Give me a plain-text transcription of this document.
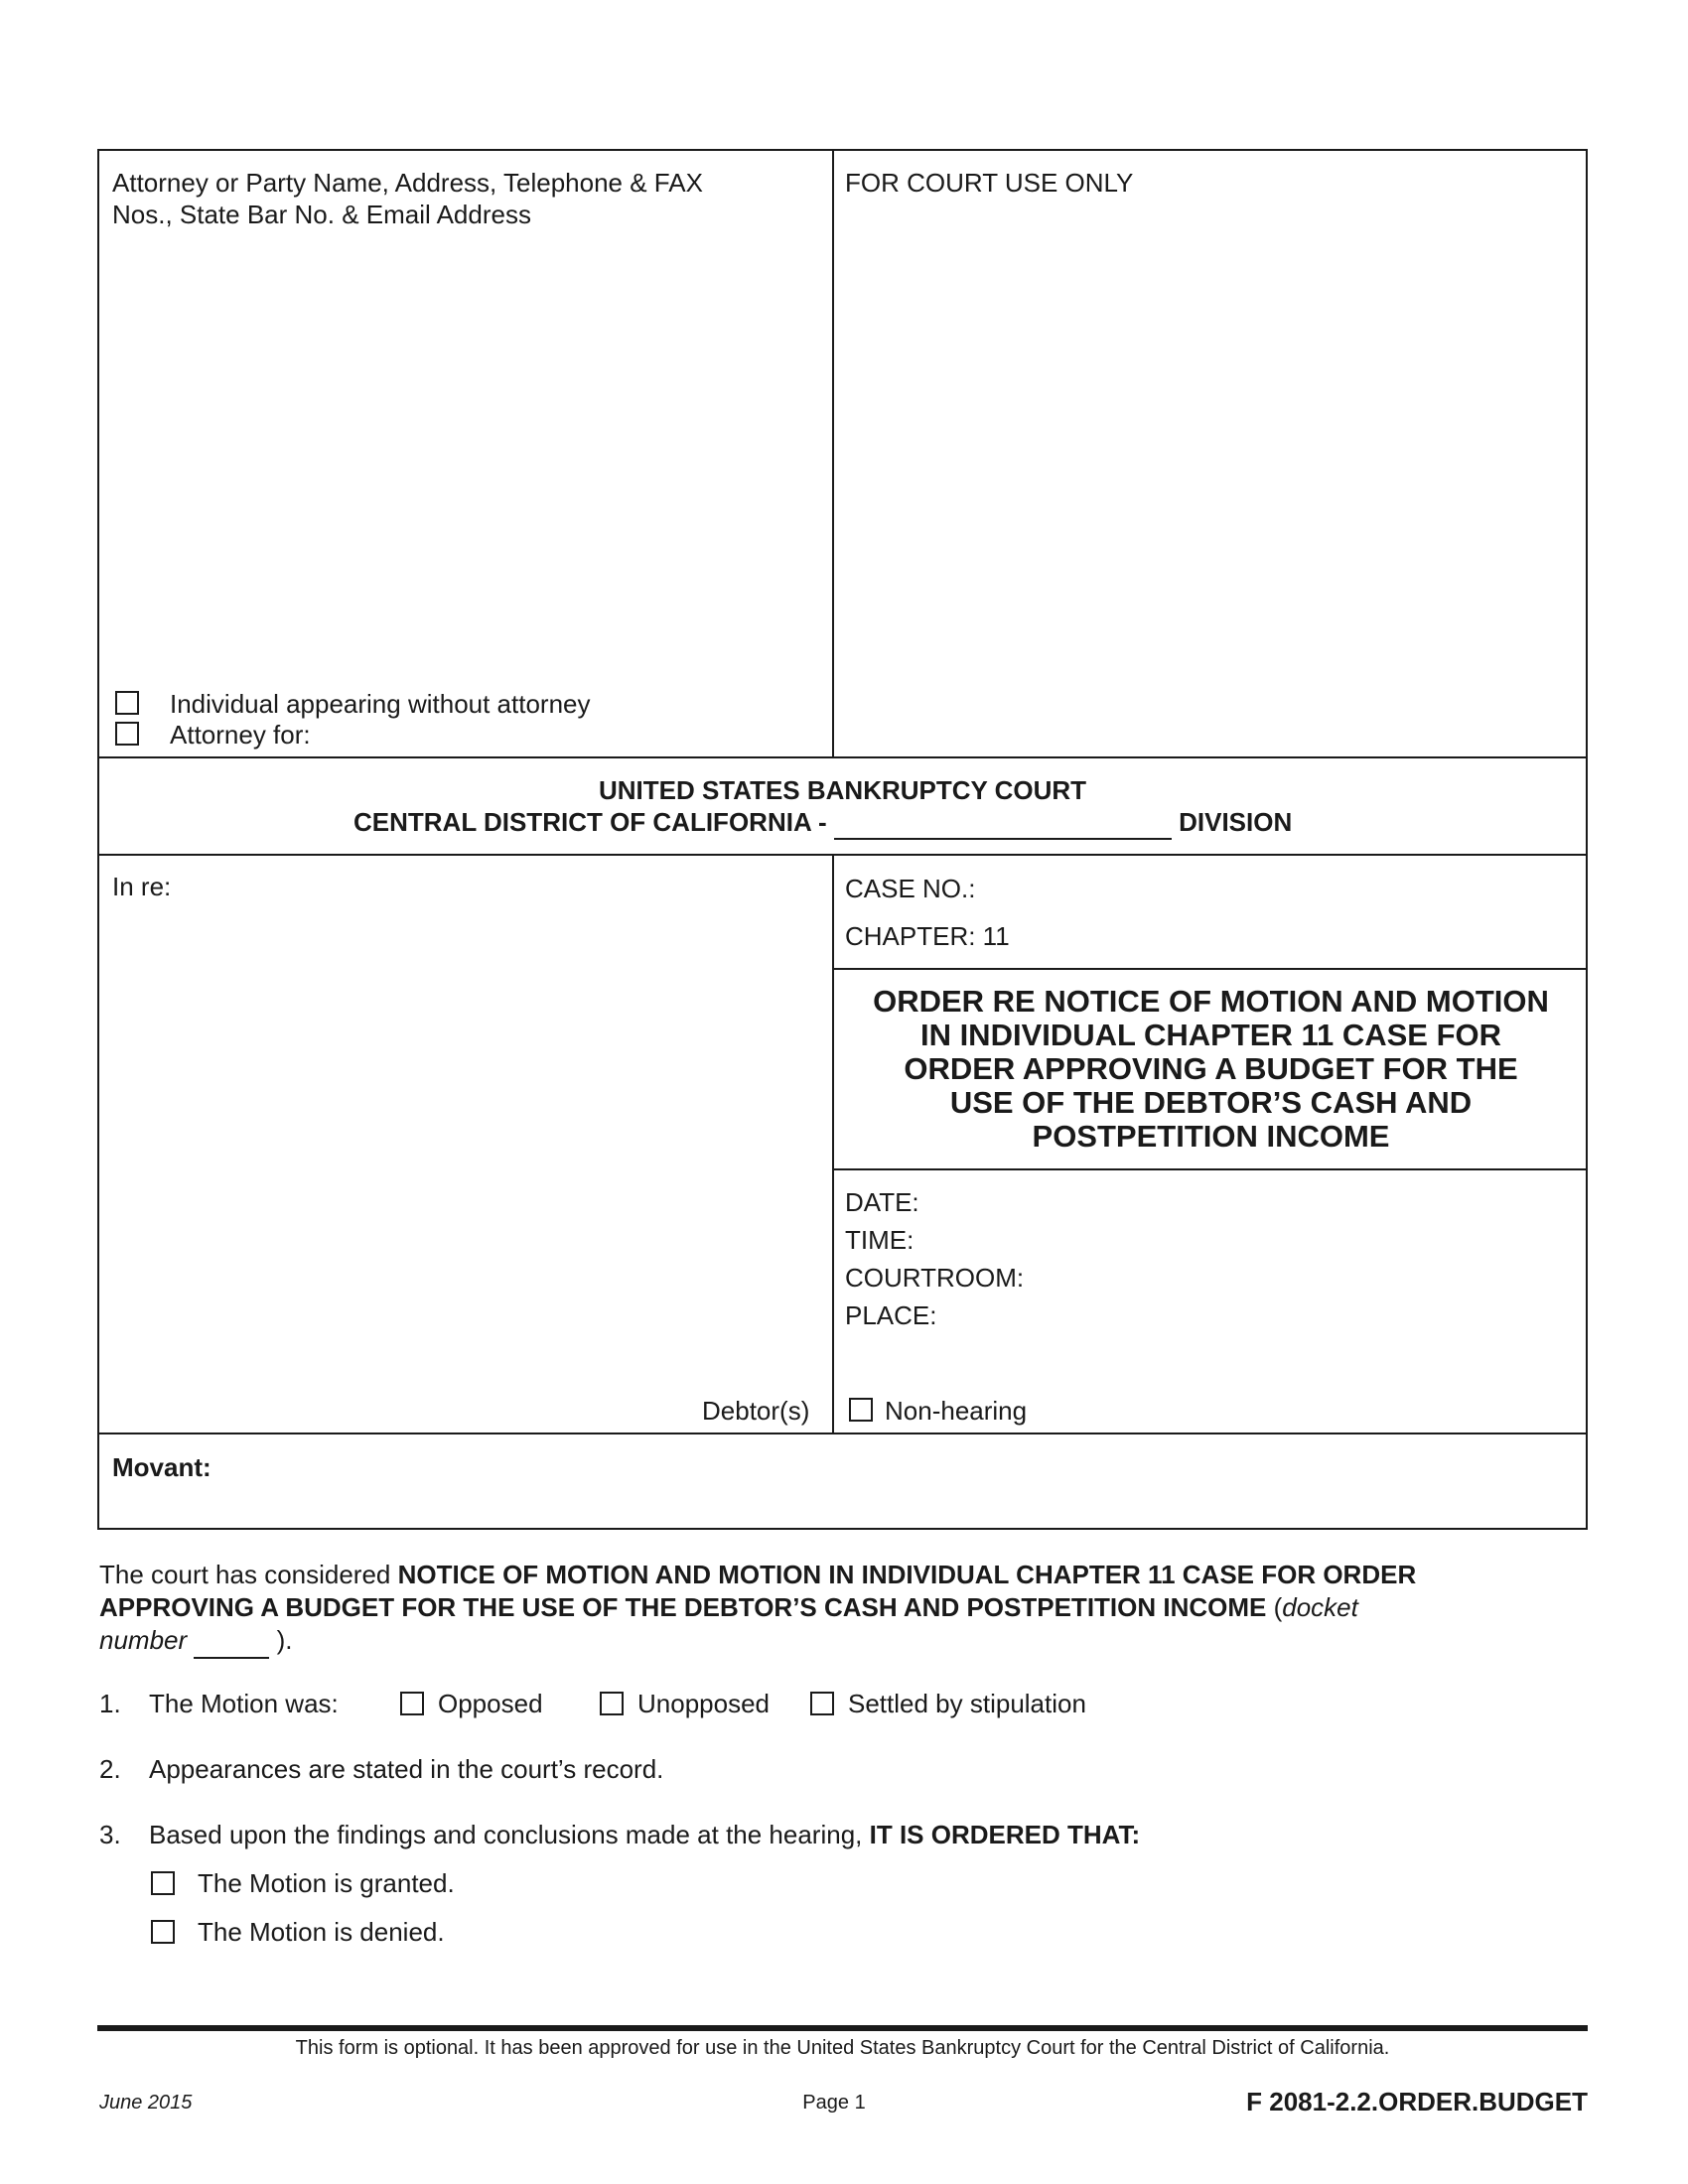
Attorney or Party Name, Address, Telephone & FAX
Nos., State Bar No. & Email Address
FOR COURT USE ONLY
Individual appearing without attorney
Attorney for:
UNITED STATES BANKRUPTCY COURT
CENTRAL DISTRICT OF CALIFORNIA -	DIVISION
In re:	CASE NO.:
CHAPTER: 11
ORDER RE NOTICE OF MOTION AND MOTION
IN INDIVIDUAL CHAPTER 11 CASE FOR
ORDER APPROVING A BUDGET FOR THE
USE OF THE DEBTOR’S CASH AND
POSTPETITION INCOME
DATE:
TIME:
COURTROOM:
PLACE:
Debtor(s)	Non-hearing
Movant:
The court has considered NOTICE OF MOTION AND MOTION IN INDIVIDUAL CHAPTER 11 CASE FOR ORDER
APPROVING A BUDGET FOR THE USE OF THE DEBTOR’S CASH AND POSTPETITION INCOME (docket
number	).
1. The Motion was:	Opposed	Unopposed	Settled by stipulation
2. Appearances are stated in the court’s record.
3. Based upon the findings and conclusions made at the hearing, IT IS ORDERED THAT:
The Motion is granted.
The Motion is denied.
This form is optional. It has been approved for use in the United States Bankruptcy Court for the Central District of California.
June 2015	Page 1	F 2081-2.2.ORDER.BUDGET
